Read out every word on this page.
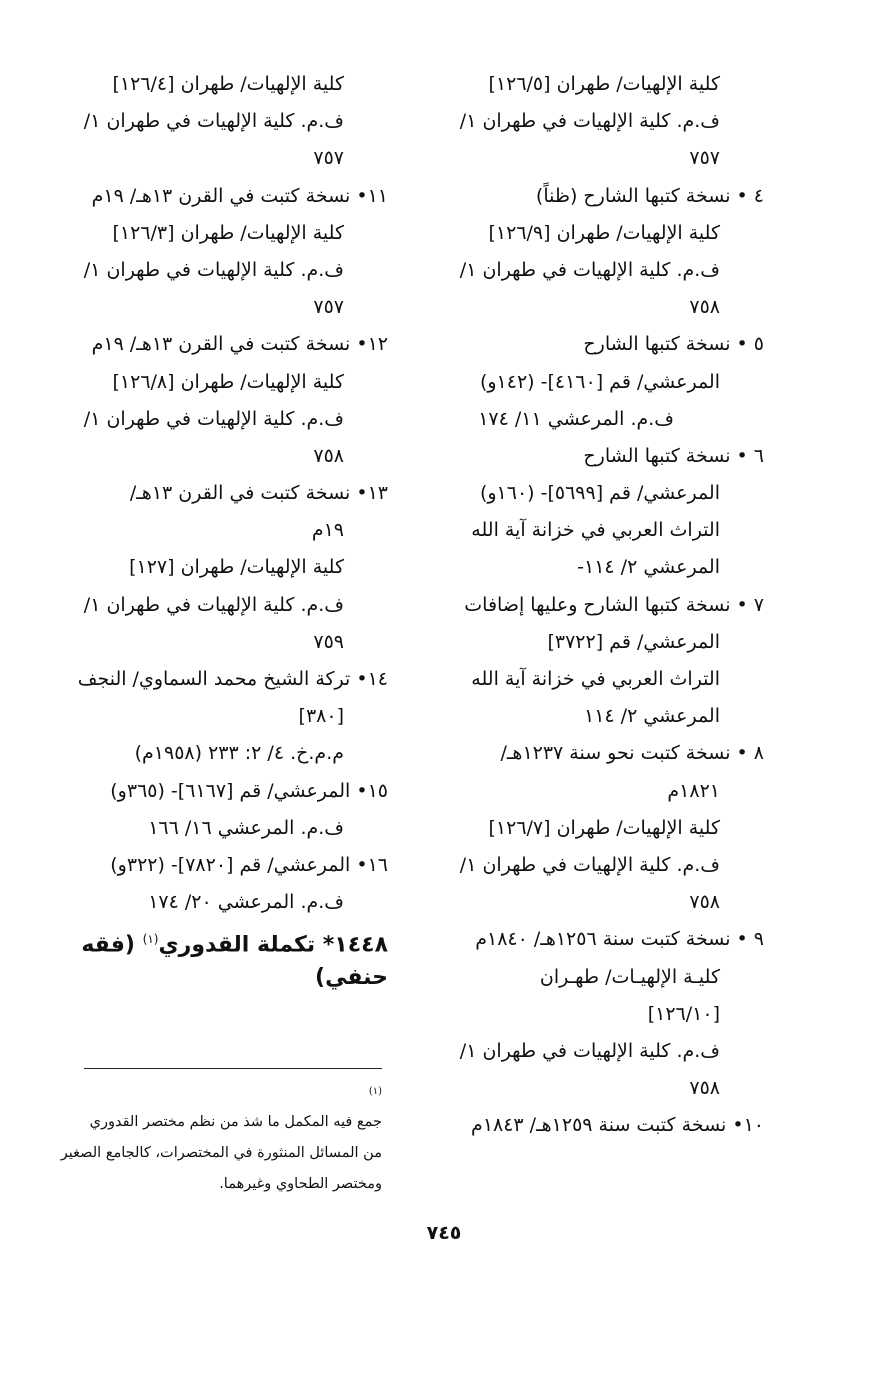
كلية الإلهيات/ طهران [١٢٦/٥]
ف.م. كلية الإلهيات في طهران ١/
٧٥٧
٤ • نسخة كتبها الشارح (ظناً)
كلية الإلهيات/ طهران [١٢٦/٩]
ف.م. كلية الإلهيات في طهران ١/
٧٥٨
٥ • نسخة كتبها الشارح
المرعشي/ قم [٤١٦٠]- (١٤٢و)
ف.م. المرعشي ١١/ ١٧٤
٦ • نسخة كتبها الشارح
المرعشي/ قم [٥٦٩٩]- (١٦٠و)
التراث العربي في خزانة آية الله
المرعشي ٢/ ١١٤-
٧ • نسخة كتبها الشارح وعليها إضافات
المرعشي/ قم [٣٧٢٢]
التراث العربي في خزانة آية الله
المرعشي ٢/ ١١٤
٨ • نسخة كتبت نحو سنة ١٢٣٧هـ/
١٨٢١م
كلية الإلهيات/ طهران [١٢٦/٧]
ف.م. كلية الإلهيات في طهران ١/
٧٥٨
٩ • نسخة كتبت سنة ١٢٥٦هـ/ ١٨٤٠م
كليـة الإلهيـات/ طهـران
[١٢٦/١٠]
ف.م. كلية الإلهيات في طهران ١/
٧٥٨
١٠• نسخة كتبت سنة ١٢٥٩هـ/ ١٨٤٣م
كلية الإلهيات/ طهران [١٢٦/٤]
ف.م. كلية الإلهيات في طهران ١/
٧٥٧
١١• نسخة كتبت في القرن ١٣هـ/ ١٩م
كلية الإلهيات/ طهران [١٢٦/٣]
ف.م. كلية الإلهيات في طهران ١/
٧٥٧
١٢• نسخة كتبت في القرن ١٣هـ/ ١٩م
كلية الإلهيات/ طهران [١٢٦/٨]
ف.م. كلية الإلهيات في طهران ١/
٧٥٨
١٣• نسخة كتبت في القرن ١٣هـ/
١٩م
كلية الإلهيات/ طهران [١٢٧]
ف.م. كلية الإلهيات في طهران ١/
٧٥٩
١٤• تركة الشيخ محمد السماوي/ النجف
[٣٨٠]
م.م.خ. ٤/ ٢: ٢٣٣ (١٩٥٨م)
١٥• المرعشي/ قم [٦١٦٧]- (٣٦٥و)
ف.م. المرعشي ١٦/ ١٦٦
١٦• المرعشي/ قم [٧٨٢٠]- (٣٢٢و)
ف.م. المرعشي ٢٠/ ١٧٤
١٤٤٨* تكملة القدوري$^{(١)}$ (فقه
حنفي)
(١)
جمع فيه المكمل ما شذ من نظم مختصر القدوري
من المسائل المنثورة في المختصرات، كالجامع الصغير
ومختصر الطحاوي وغيرهما.
٧٤٥
